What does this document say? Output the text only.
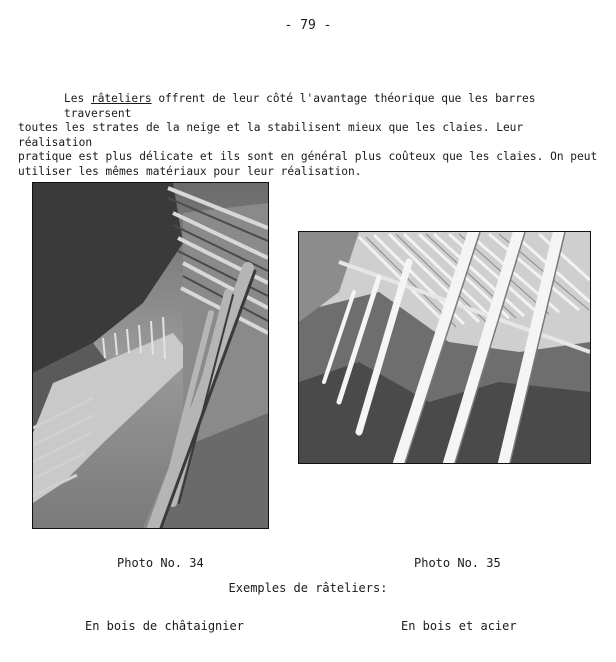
- 79 -

Les râteliers offrent de leur côté l'avantage théorique que les barres traversent

toutes les strates de la neige et la stabilisent mieux que les claies. Leur réalisation

pratique est plus délicate et ils sont en général plus coûteux que les claies. On peut

utiliser les mêmes matériaux pour leur réalisation.

Photo No. 34	Photo No. 35
Exemples de râteliers:
En bois de châtaignier	En bois et acier
